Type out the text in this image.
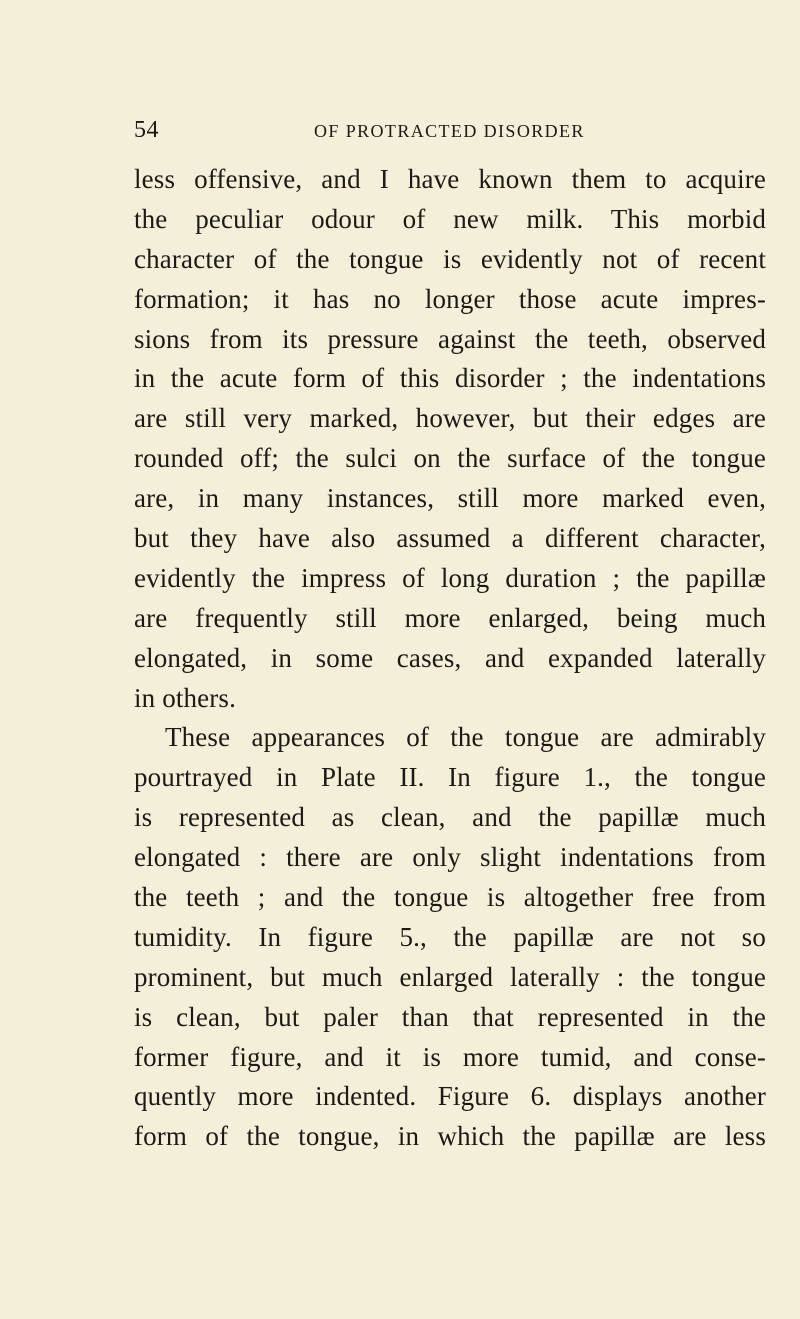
54	OF PROTRACTED DISORDER
less offensive, and I have known them to acquire
the peculiar odour of new milk. This morbid
character of the tongue is evidently not of recent
formation; it has no longer those acute impres-
sions from its pressure against the teeth, observed
in the acute form of this disorder ; the indentations
are still very marked, however, but their edges are
rounded off; the sulci on the surface of the tongue
are, in many instances, still more marked even,
but they have also assumed a different character,
evidently the impress of long duration ; the papillæ
are frequently still more enlarged, being much
elongated, in some cases, and expanded laterally
in others.
These appearances of the tongue are admirably
pourtrayed in Plate II. In figure 1., the tongue
is represented as clean, and the papillæ much
elongated : there are only slight indentations from
the teeth ; and the tongue is altogether free from
tumidity. In figure 5., the papillæ are not so
prominent, but much enlarged laterally : the tongue
is clean, but paler than that represented in the
former figure, and it is more tumid, and conse-
quently more indented. Figure 6. displays another
form of the tongue, in which the papillæ are less
